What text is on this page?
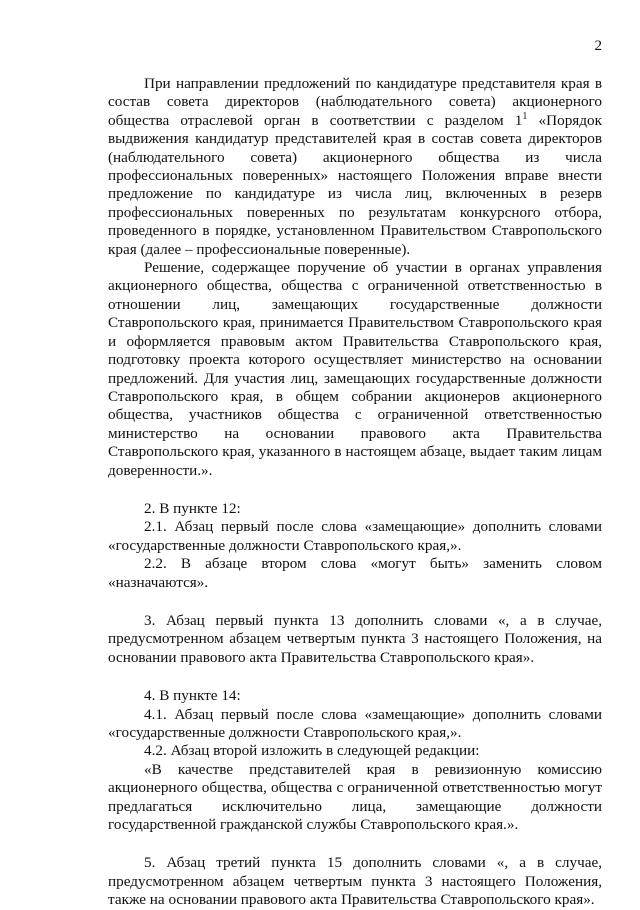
2

При направлении предложений по кандидатуре представителя края в состав совета директоров (наблюдательного совета) акционерного общества отраслевой орган в соответствии с разделом $1^1$ «Порядок выдвижения кандидатур представителей края в состав совета директоров (наблюдательного совета) акционерного общества из числа профессиональных поверенных» настоящего Положения вправе внести предложение по кандидатуре из числа лиц, включенных в резерв профессиональных поверенных по результатам конкурсного отбора, проведенного в порядке, установленном Правительством Ставропольского края (далее – профессиональные поверенные).

Решение, содержащее поручение об участии в органах управления акционерного общества, общества с ограниченной ответственностью в отношении лиц, замещающих государственные должности Ставропольского края, принимается Правительством Ставропольского края и оформляется правовым актом Правительства Ставропольского края, подготовку проекта которого осуществляет министерство на основании предложений. Для участия лиц, замещающих государственные должности Ставропольского края, в общем собрании акционеров акционерного общества, участников общества с ограниченной ответственностью министерство на основании правового акта Правительства Ставропольского края, указанного в настоящем абзаце, выдает таким лицам доверенности.».

2. В пункте 12:

2.1. Абзац первый после слова «замещающие» дополнить словами «государственные должности Ставропольского края,».

2.2. В абзаце втором слова «могут быть» заменить словом «назначаются».

3. Абзац первый пункта 13 дополнить словами «, а в случае, предусмотренном абзацем четвертым пункта 3 настоящего Положения, на основании правового акта Правительства Ставропольского края».

4. В пункте 14:

4.1. Абзац первый после слова «замещающие» дополнить словами «государственные должности Ставропольского края,».

4.2. Абзац второй изложить в следующей редакции:

«В качестве представителей края в ревизионную комиссию акционерного общества, общества с ограниченной ответственностью могут предлагаться исключительно лица, замещающие должности государственной гражданской службы Ставропольского края.».

5. Абзац третий пункта 15 дополнить словами «, а в случае, предусмотренном абзацем четвертым пункта 3 настоящего Положения, также на основании правового акта Правительства Ставропольского края».
